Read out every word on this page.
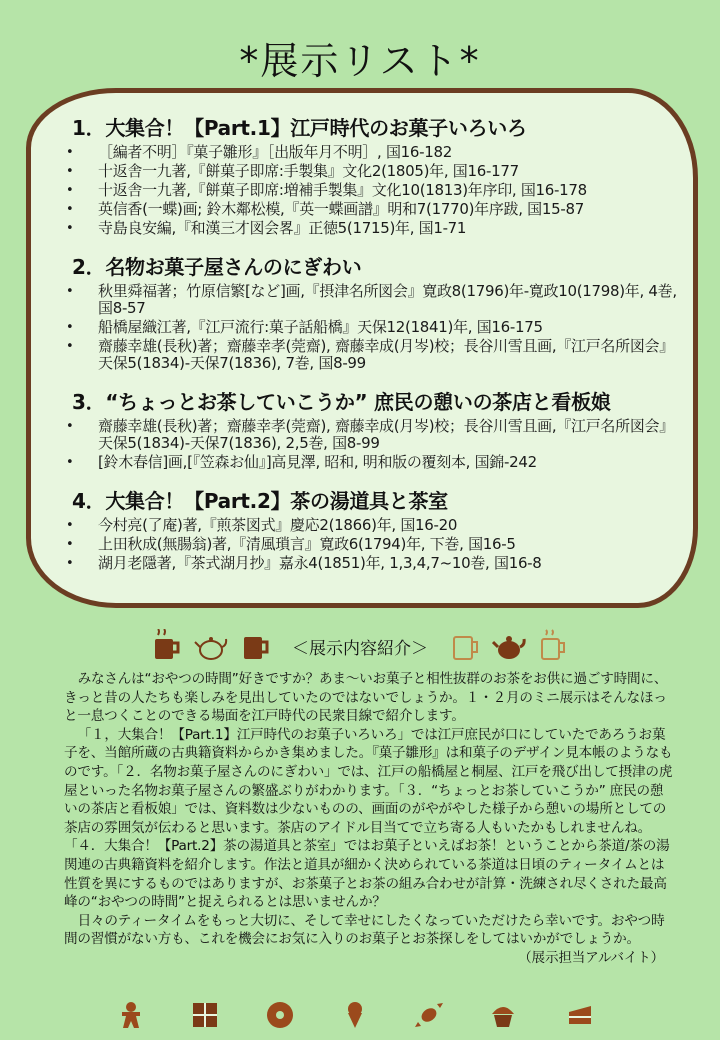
*展示リスト*
1．大集合！【Part.1】江戸時代のお菓子いろいろ
• ［編者不明］『菓子雛形』［出版年月不明］, 国16-182
• 十返舎一九著,『餅菓子即席:手製集』文化2(1805)年, 国16-177
• 十返舎一九著,『餅菓子即席:増補手製集』文化10(1813)年序印, 国16-178
• 英信香(一蝶)画; 鈴木鄰松模,『英一蝶画譜』明和7(1770)年序跋, 国15-87
• 寺島良安編,『和漢三才図会畧』正徳5(1715)年, 国1-71
2．名物お菓子屋さんのにぎわい
• 秋里舜福著；竹原信繁[など]画,『摂津名所図会』寛政8(1796)年-寛政10(1798)年, 4巻, 国8-57
• 船橋屋織江著,『江戸流行:菓子話船橋』天保12(1841)年, 国16-175
• 齋藤幸雄(長秋)著；齋藤幸孝(莞齋), 齋藤幸成(月岑)校；長谷川雪且画,『江戸名所図会』天保5(1834)-天保7(1836), 7巻, 国8-99
3．“ちょっとお茶していこうか” 庶民の憩いの茶店と看板娘
• 齋藤幸雄(長秋)著；齋藤幸孝(莞齋), 齋藤幸成(月岑)校；長谷川雪且画,『江戸名所図会』天保5(1834)-天保7(1836), 2,5巻, 国8-99
• [鈴木春信]画,[『笠森お仙』]高見澤, 昭和, 明和版の覆刻本, 国錦-242
4．大集合！【Part.2】茶の湯道具と茶室
• 今村亮(了庵)著,『煎茶図式』慶応2(1866)年, 国16-20
• 上田秋成(無腸翁)著,『清風瑣言』寛政6(1794)年, 下巻, 国16-5
• 湖月老隱著,『茶式湖月抄』嘉永4(1851)年, 1,3,4,7~10巻, 国16-8
＜展示内容紹介＞

みなさんは“おやつの時間”好きですか？あま～いお菓子と相性抜群のお茶をお供に過ごす時間に、きっと昔の人たちも楽しみを見出していたのではないでしょうか。１・２月のミニ展示はそんなほっと一息つくことのできる場面を江戸時代の民衆目線で紹介します。

「１，大集合！【Part.1】江戸時代のお菓子いろいろ」では江戸庶民が口にしていたであろうお菓子を、当館所蔵の古典籍資料からかき集めました。『菓子雛形』は和菓子のデザイン見本帳のようなものです。「２．名物お菓子屋さんのにぎわい」では、江戸の船橋屋と桐屋、江戸を飛び出して摂津の虎屋といった名物お菓子屋さんの繁盛ぶりがわかります。「３．“ちょっとお茶していこうか” 庶民の憩いの茶店と看板娘」では、資料数は少ないものの、画面のがやがやした様子から憩いの場所としての茶店の雰囲気が伝わると思います。茶店のアイドル目当てで立ち寄る人もいたかもしれませんね。「４．大集合！【Part.2】茶の湯道具と茶室」ではお菓子といえばお茶！ということから茶道/茶の湯関連の古典籍資料を紹介します。作法と道具が細かく決められている茶道は日頃のティータイムとは性質を異にするものではありますが、お茶菓子とお茶の組み合わせが計算・洗練され尽くされた最高峰の“おやつの時間”と捉えられるとは思いませんか？

日々のティータイムをもっと大切に、そして幸せにしたくなっていただけたら幸いです。おやつ時間の習慣がない方も、これを機会にお気に入りのお菓子とお茶探しをしてはいかがでしょうか。

（展示担当アルバイト）
